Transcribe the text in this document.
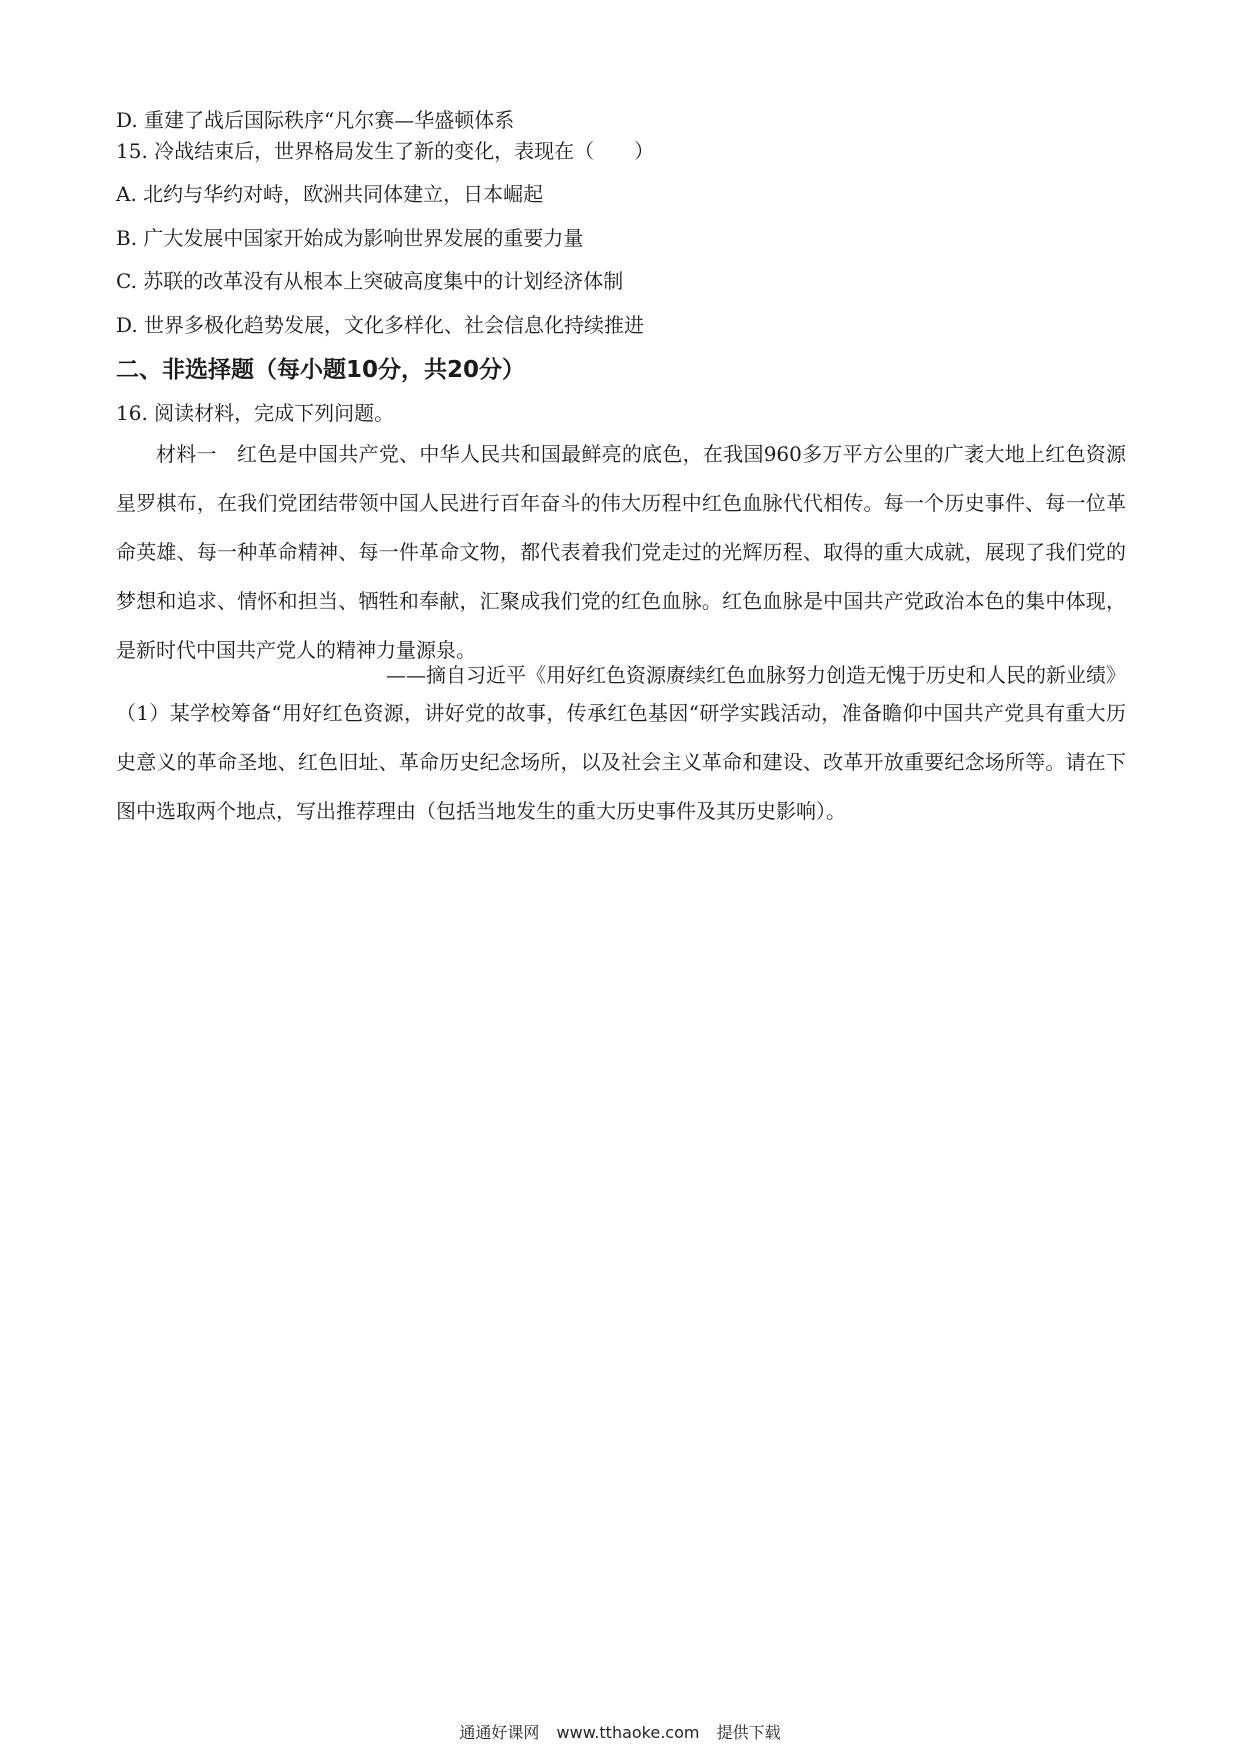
D. 重建了战后国际秩序“凡尔赛—华盛顿体系
15. 冷战结束后，世界格局发生了新的变化，表现在（　　）
A. 北约与华约对峙，欧洲共同体建立，日本崛起
B. 广大发展中国家开始成为影响世界发展的重要力量
C. 苏联的改革没有从根本上突破高度集中的计划经济体制
D. 世界多极化趋势发展，文化多样化、社会信息化持续推进
二、非选择题（每小题10分，共20分）
16. 阅读材料，完成下列问题。
材料一　红色是中国共产党、中华人民共和国最鲜亮的底色，在我国960多万平方公里的广袤大地上红色资源星罗棋布，在我们党团结带领中国人民进行百年奋斗的伟大历程中红色血脉代代相传。每一个历史事件、每一位革命英雄、每一种革命精神、每一件革命文物，都代表着我们党走过的光辉历程、取得的重大成就，展现了我们党的梦想和追求、情怀和担当、牺牲和奉献，汇聚成我们党的红色血脉。红色血脉是中国共产党政治本色的集中体现，是新时代中国共产党人的精神力量源泉。
——摘自习近平《用好红色资源赓续红色血脉努力创造无愧于历史和人民的新业绩》
（1）某学校筹备“用好红色资源，讲好党的故事，传承红色基因“研学实践活动，准备瞻仰中国共产党具有重大历史意义的革命圣地、红色旧址、革命历史纪念场所，以及社会主义革命和建设、改革开放重要纪念场所等。请在下图中选取两个地点，写出推荐理由（包括当地发生的重大历史事件及其历史影响）。
通通好课网 www.tthaoke.com 提供下载
